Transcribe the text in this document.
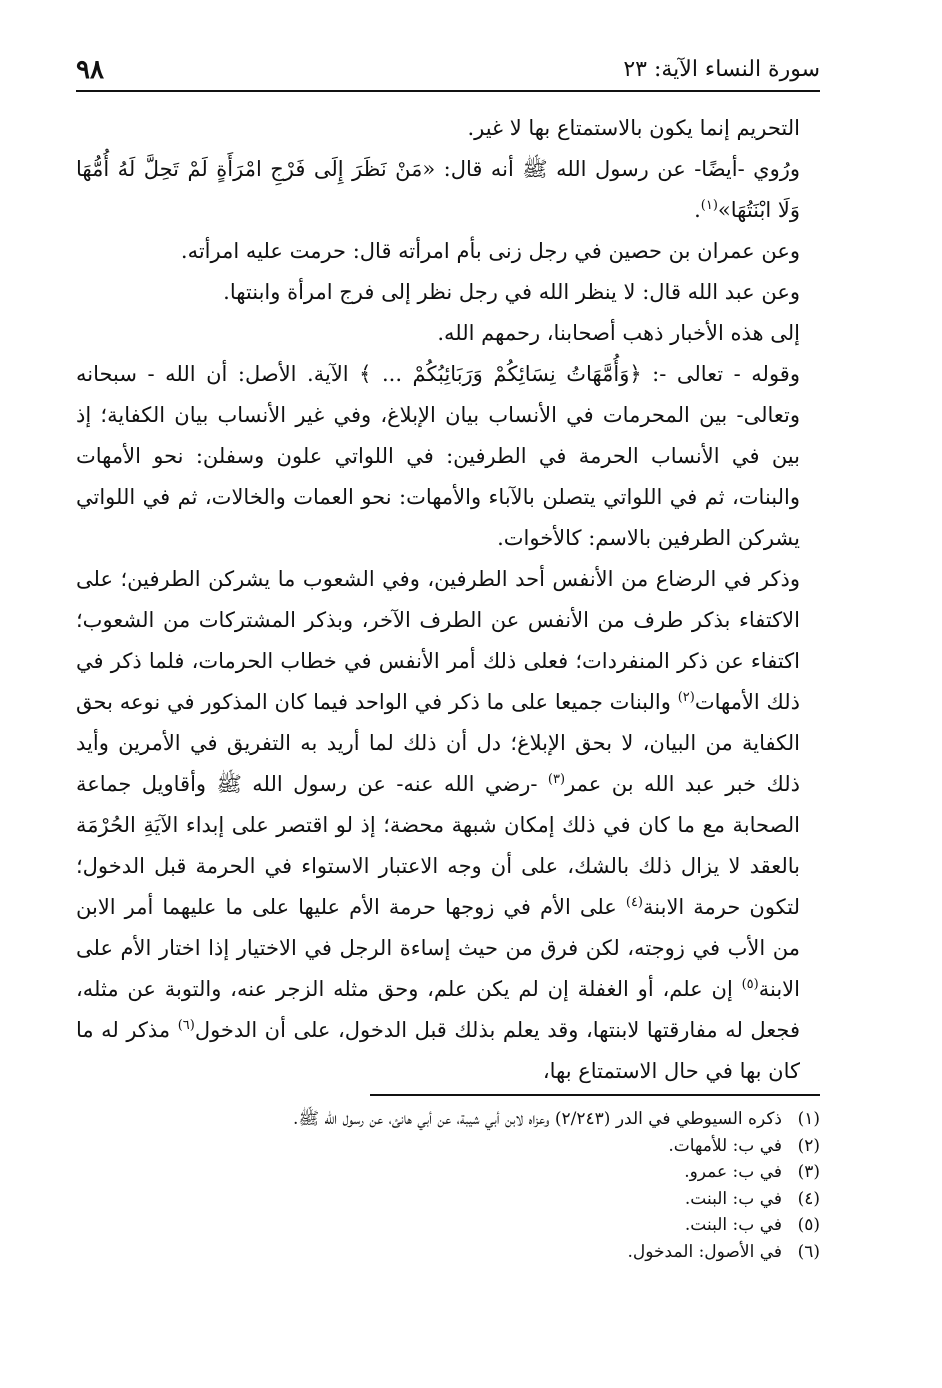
٩٨	سورة النساء الآية: ٢٣

التحريم إنما يكون بالاستمتاع بها لا غير.

ورُوي -أيضًا- عن رسول الله ﷺ أنه قال: «مَنْ نَظَرَ إِلَى فَرْجِ امْرَأَةٍ لَمْ تَحِلَّ لَهُ أُمُّهَا وَلَا ابْنَتُهَا»$^{(١)}$.

وعن عمران بن حصين في رجل زنى بأم امرأته قال: حرمت عليه امرأته.

وعن عبد الله قال: لا ينظر الله في رجل نظر إلى فرج امرأة وابنتها.

إلى هذه الأخبار ذهب أصحابنا، رحمهم الله.

وقوله - تعالى -: ﴿وَأُمَّهَاتُ نِسَائِكُمْ وَرَبَائِبُكُمْ ... ﴾ الآية. الأصل: أن الله - سبحانه وتعالى- بين المحرمات في الأنساب بيان الإبلاغ، وفي غير الأنساب بيان الكفاية؛ إذ بين في الأنساب الحرمة في الطرفين: في اللواتي علون وسفلن: نحو الأمهات والبنات، ثم في اللواتي يتصلن بالآباء والأمهات: نحو العمات والخالات، ثم في اللواتي يشركن الطرفين بالاسم: كالأخوات.

وذكر في الرضاع من الأنفس أحد الطرفين، وفي الشعوب ما يشركن الطرفين؛ على الاكتفاء بذكر طرف من الأنفس عن الطرف الآخر، وبذكر المشتركات من الشعوب؛ اكتفاء عن ذكر المنفردات؛ فعلى ذلك أمر الأنفس في خطاب الحرمات، فلما ذكر في ذلك الأمهات$^{(٢)}$ والبنات جميعا على ما ذكر في الواحد فيما كان المذكور في نوعه بحق الكفاية من البيان، لا بحق الإبلاغ؛ دل أن ذلك لما أريد به التفريق في الأمرين وأيد ذلك خبر عبد الله بن عمر$^{(٣)}$ -رضي الله عنه- عن رسول الله ﷺ وأقاويل جماعة الصحابة مع ما كان في ذلك إمكان شبهة محضة؛ إذ لو اقتصر على إبداء الآيَةِ الحُرْمَة بالعقد لا يزال ذلك بالشك، على أن وجه الاعتبار الاستواء في الحرمة قبل الدخول؛ لتكون حرمة الابنة$^{(٤)}$ على الأم في زوجها حرمة الأم عليها على ما عليهما أمر الابن من الأب في زوجته، لكن فرق من حيث إساءة الرجل في الاختيار إذا اختار الأم على الابنة$^{(٥)}$ إن علم، أو الغفلة إن لم يكن علم، وحق مثله الزجر عنه، والتوبة عن مثله، فجعل له مفارقتها لابنتها، وقد يعلم بذلك قبل الدخول، على أن الدخول$^{(٦)}$ مذكر له ما كان بها في حال الاستمتاع بها،

(١)
ذكره السيوطي في الدر (٢/٢٤٣) وعزاه لابن أبي شيبة، عن أبي هانئ، عن رسول الله ﷺ.
(٢)
في ب: للأمهات.
(٣)
في ب: عمرو.
(٤)
في ب: البنت.
(٥)
في ب: البنت.
(٦)
في الأصول: المدخول.
